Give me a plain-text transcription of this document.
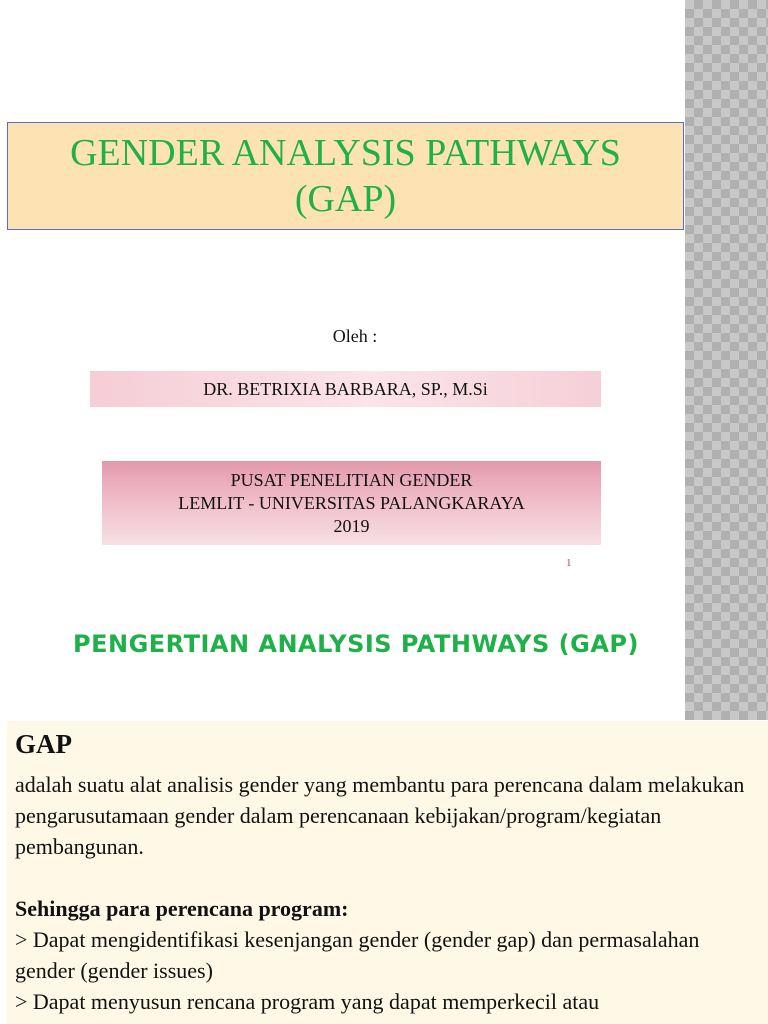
GENDER ANALYSIS PATHWAYS
(GAP)
Oleh :
DR. BETRIXIA BARBARA, SP., M.Si
PUSAT PENELITIAN GENDER
LEMLIT - UNIVERSITAS PALANGKARAYA
2019
1
PENGERTIAN ANALYSIS PATHWAYS (GAP)
GAP

adalah suatu alat analisis gender yang membantu para perencana dalam melakukan pengarusutamaan gender dalam perencanaan kebijakan/program/kegiatan pembangunan.

Sehingga para perencana program:

> Dapat mengidentifikasi kesenjangan gender (gender gap) dan permasalahan gender (gender issues)

> Dapat menyusun rencana program yang dapat memperkecil atau
